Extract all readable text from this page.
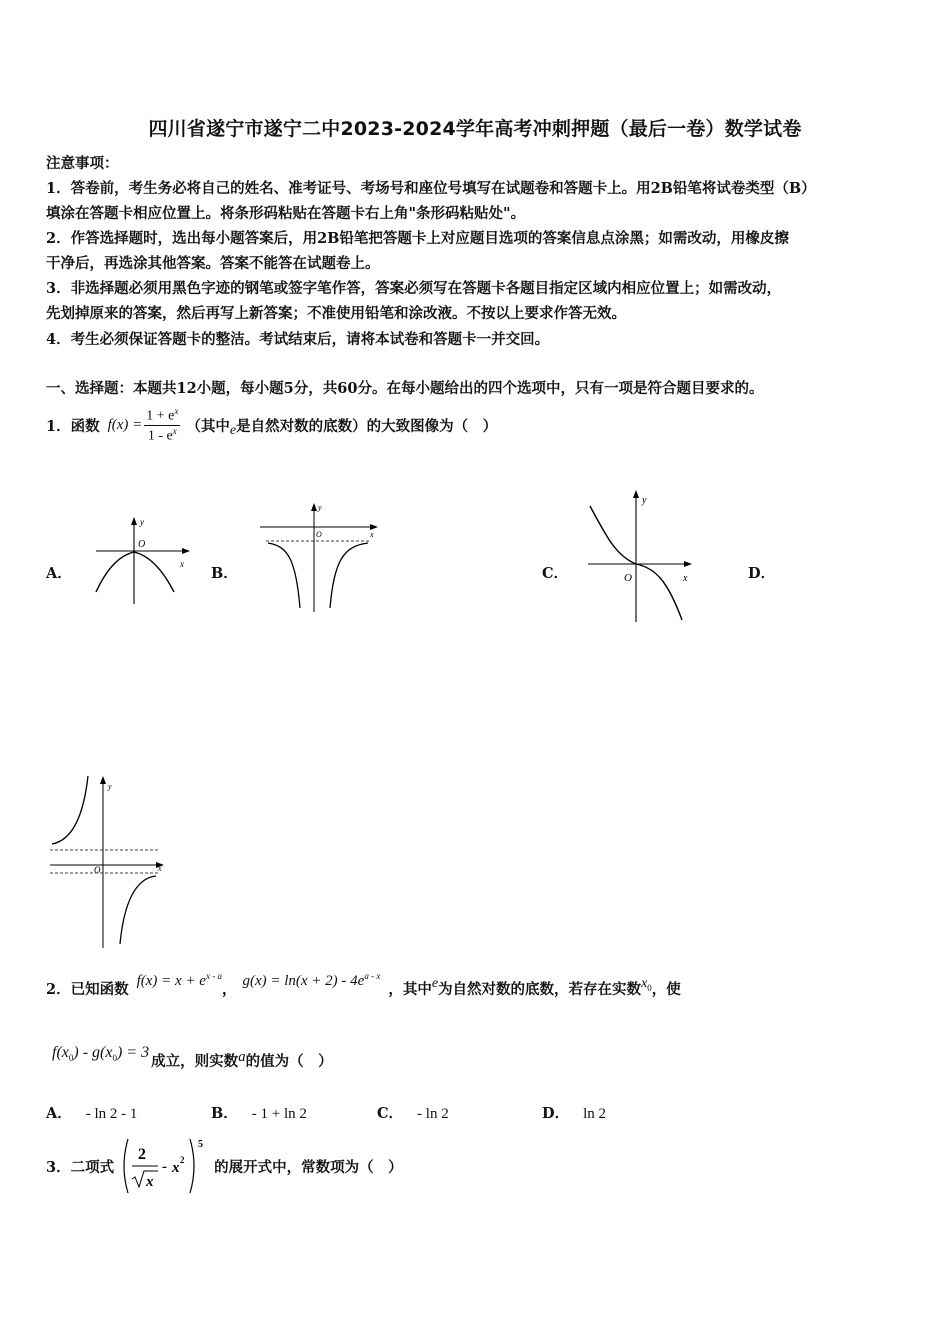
四川省遂宁市遂宁二中2023-2024学年高考冲刺押题（最后一卷）数学试卷
注意事项：
1．答卷前，考生务必将自己的姓名、准考证号、考场号和座位号填写在试题卷和答题卡上。用2B铅笔将试卷类型（B）
填涂在答题卡相应位置上。将条形码粘贴在答题卡右上角"条形码粘贴处"。
2．作答选择题时，选出每小题答案后，用2B铅笔把答题卡上对应题目选项的答案信息点涂黑；如需改动，用橡皮擦
干净后，再选涂其他答案。答案不能答在试题卷上。
3．非选择题必须用黑色字迹的钢笔或签字笔作答，答案必须写在答题卡各题目指定区域内相应位置上；如需改动，
先划掉原来的答案，然后再写上新答案；不准使用铅笔和涂改液。不按以上要求作答无效。
4．考生必须保证答题卡的整洁。考试结束后，请将本试卷和答题卡一并交回。
一、选择题：本题共12小题，每小题5分，共60分。在每小题给出的四个选项中，只有一项是符合题目要求的。
1．函数 $f(x) = \frac{1 + e^x}{1 - e^x}$ （其中 e 是自然对数的底数）的大致图像为（　）
A．	B．	C．	D．
y
x
O
y
x
O
y
x
O
y
x
O
2．已知函数 $f(x) = x + e^{x - a}$
， $g(x) = \ln(x + 2) - 4e^{a - x}$
，其中 e 为自然对数的底数，若存在实数 $x_0$ ，使
$f(x_0) - g(x_0) = 3$ 成立，则实数 a 的值为（　）
A． - ln 2 - 1	B． - 1 + ln 2	C． - ln 2	D． ln 2
3．二项式
2
x
- x 2
5
的展开式中，常数项为（　）
